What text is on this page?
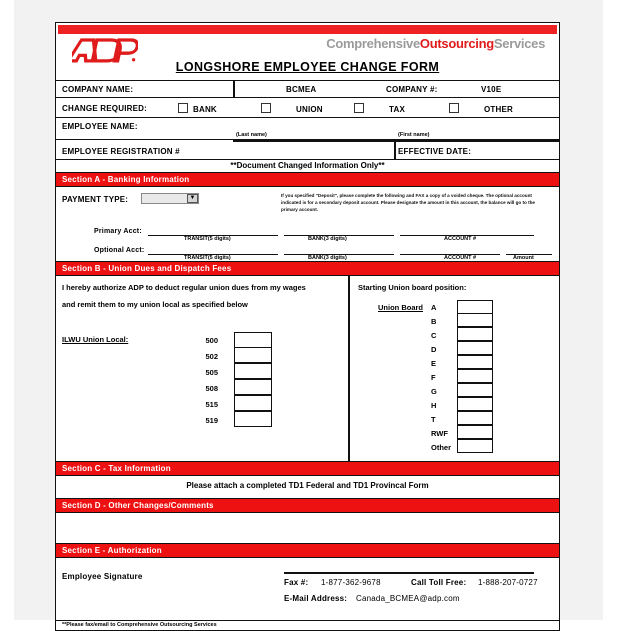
ComprehensiveOutsourcingServices
LONGSHORE EMPLOYEE CHANGE FORM
COMPANY NAME:	BCMEA	COMPANY #:	V10E
CHANGE REQUIRED:	BANK	UNION	TAX	OTHER
EMPLOYEE NAME:
(Last name)	(First name)
EMPLOYEE REGISTRATION #	EFFECTIVE DATE:
**Document Changed Information Only**
Section A - Banking Information
PAYMENT TYPE:	▼	If you specified "Deposit", please complete the following and FAX a copy of a voided cheque. The optional account indicated is for a secondary deposit account. Please designate the amount in this account, the balance will go to the primary account.
Primary Acct:
TRANSIT(5 digits)	BANK(3 digits)	ACCOUNT #
Optional Acct:
TRANSIT(5 digits)	BANK(3 digits)	ACCOUNT #	Amount
Section B - Union Dues and Dispatch Fees
I hereby authorize ADP to deduct regular union dues from my wages
and remit them to my union local as specified below
ILWU Union Local:	500
502
505
508
515
519
Starting Union board position:
Union Board A
B
C
D
E
F
G
H
T
RWF
Other
Section C - Tax Information
Please attach a completed TD1 Federal and TD1 Provincal Form
Section D - Other Changes/Comments
Section E - Authorization
Employee Signature
Fax #: 1-877-362-9678	Call Toll Free: 1-888-207-0727
E-Mail Address: Canada_BCMEA@adp.com
**Please fax/email to Comprehensive Outsourcing Services
